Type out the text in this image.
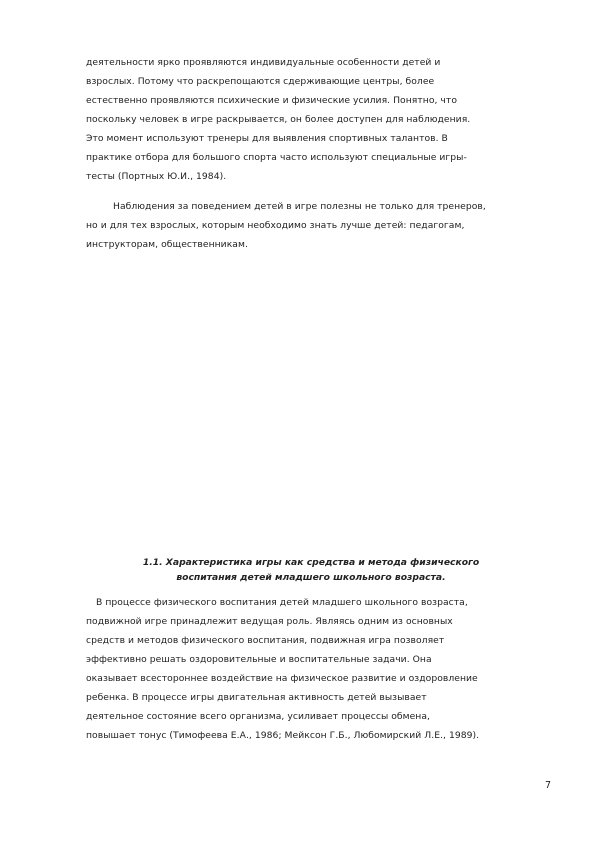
деятельности ярко проявляются индивидуальные особенности детей и
взрослых. Потому что раскрепощаются сдерживающие центры, более
естественно проявляются психические и физические усилия. Понятно, что
поскольку человек в игре раскрывается, он более доступен для наблюдения.
Это момент используют тренеры для выявления спортивных талантов. В
практике отбора для большого спорта часто используют специальные игры-
тесты (Портных Ю.И., 1984).
Наблюдения за поведением детей в игре полезны не только для тренеров,
но и для тех взрослых, которым необходимо знать лучше детей: педагогам,
инструкторам, общественникам.
1.1. Характеристика игры как средства и метода физического
воспитания детей младшего школьного возраста.
В процессе физического воспитания детей младшего школьного возраста,
подвижной игре принадлежит ведущая роль. Являясь одним из основных
средств и методов физического воспитания, подвижная игра позволяет
эффективно решать оздоровительные и воспитательные задачи. Она
оказывает всестороннее воздействие на физическое развитие и оздоровление
ребенка. В процессе игры двигательная активность детей вызывает
деятельное состояние всего организма, усиливает процессы обмена,
повышает тонус (Тимофеева Е.А., 1986; Мейксон Г.Б., Любомирский Л.Е., 1989).
7
